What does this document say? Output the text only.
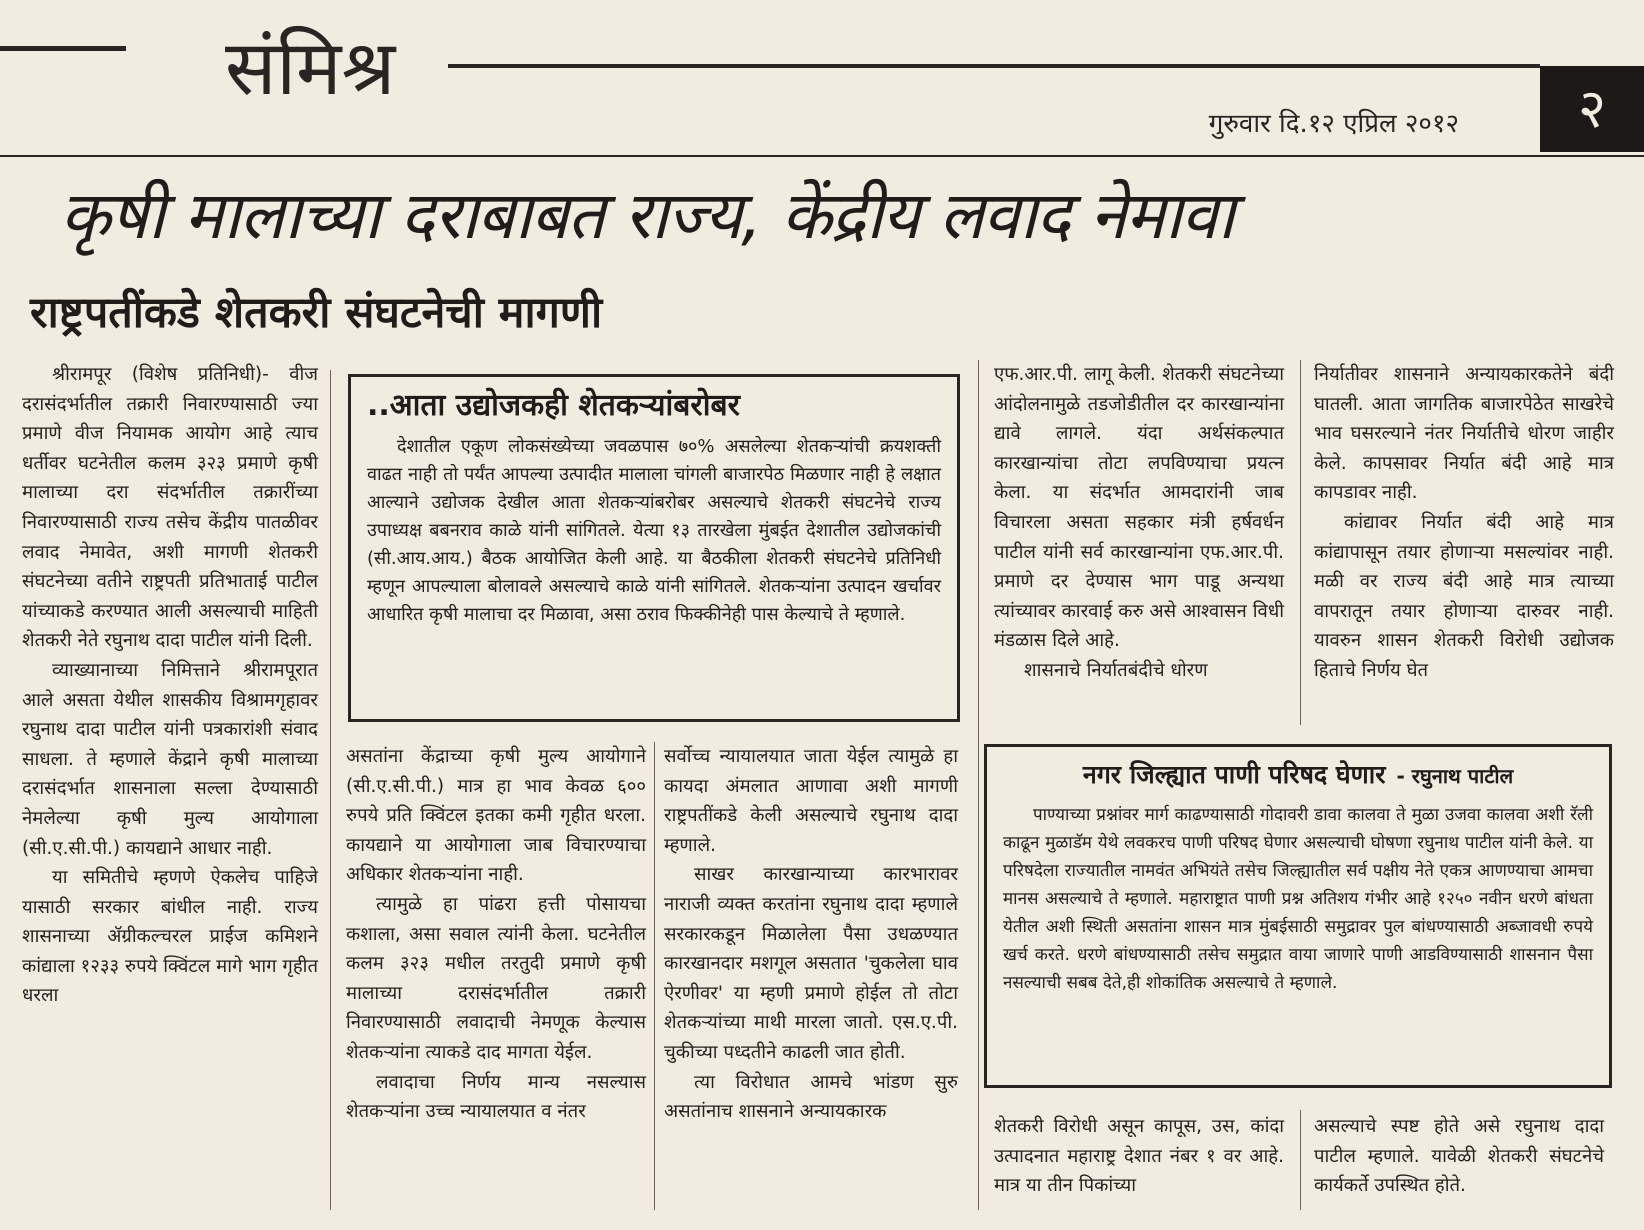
संमिश्र
गुरुवार दि.१२ एप्रिल २०१२	२
कृषी मालाच्या दराबाबत राज्य, केंद्रीय लवाद नेमावा
राष्ट्रपतींकडे शेतकरी संघटनेची मागणी

श्रीरामपूर (विशेष प्रतिनिधी)- वीज दरासंदर्भातील तक्रारी निवारण्यासाठी ज्या प्रमाणे वीज नियामक आयोग आहे त्याच धर्तीवर घटनेतील कलम ३२३ प्रमाणे कृषी मालाच्या दरा संदर्भातील तक्रारींच्या निवारण्यासाठी राज्य तसेच केंद्रीय पातळीवर लवाद नेमावेत, अशी मागणी शेतकरी संघटनेच्या वतीने राष्ट्रपती प्रतिभाताई पाटील यांच्याकडे करण्यात आली असल्याची माहिती शेतकरी नेते रघुनाथ दादा पाटील यांनी दिली.

व्याख्यानाच्या निमित्ताने श्रीरामपूरात आले असता येथील शासकीय विश्रामगृहावर रघुनाथ दादा पाटील यांनी पत्रकारांशी संवाद साधला. ते म्हणाले केंद्राने कृषी मालाच्या दरासंदर्भात शासनाला सल्ला देण्यासाठी नेमलेल्या कृषी मुल्य आयोगाला (सी.ए.सी.पी.) कायद्याने आधार नाही.

या समितीचे म्हणणे ऐकलेच पाहिजे यासाठी सरकार बांधील नाही. राज्य शासनाच्या ॲग्रीकल्चरल प्राईज कमिशने कांद्याला १२३३ रुपये क्विंटल मागे भाग गृहीत धरला

..आता उद्योजकही शेतकऱ्यांबरोबर

देशातील एकूण लोकसंख्येच्या जवळपास ७०% असलेल्या शेतकऱ्यांची क्रयशक्ती वाढत नाही तो पर्यंत आपल्या उत्पादीत मालाला चांगली बाजारपेठ मिळणार नाही हे लक्षात आल्याने उद्योजक देखील आता शेतकऱ्यांबरोबर असल्याचे शेतकरी संघटनेचे राज्य उपाध्यक्ष बबनराव काळे यांनी सांगितले. येत्या १३ तारखेला मुंबईत देशातील उद्योजकांची (सी.आय.आय.) बैठक आयोजित केली आहे. या बैठकीला शेतकरी संघटनेचे प्रतिनिधी म्हणून आपल्याला बोलावले असल्याचे काळे यांनी सांगितले. शेतकऱ्यांना उत्पादन खर्चावर आधारित कृषी मालाचा दर मिळावा, असा ठराव फिक्कीनेही पास केल्याचे ते म्हणाले.

असतांना केंद्राच्या कृषी मुल्य आयोगाने (सी.ए.सी.पी.) मात्र हा भाव केवळ ६०० रुपये प्रति क्विंटल इतका कमी गृहीत धरला. कायद्याने या आयोगाला जाब विचारण्याचा अधिकार शेतकऱ्यांना नाही.

त्यामुळे हा पांढरा हत्ती पोसायचा कशाला, असा सवाल त्यांनी केला. घटनेतील कलम ३२३ मधील तरतुदी प्रमाणे कृषी मालाच्या दरासंदर्भातील तक्रारी निवारण्यासाठी लवादाची नेमणूक केल्यास शेतकऱ्यांना त्याकडे दाद मागता येईल.

लवादाचा निर्णय मान्य नसल्यास शेतकऱ्यांना उच्च न्यायालयात व नंतर

सर्वोच्च न्यायालयात जाता येईल त्यामुळे हा कायदा अंमलात आणावा अशी मागणी राष्ट्रपतींकडे केली असल्याचे रघुनाथ दादा म्हणाले.

साखर कारखान्याच्या कारभारावर नाराजी व्यक्त करतांना रघुनाथ दादा म्हणाले सरकारकडून मिळालेला पैसा उधळण्यात कारखानदार मशगूल असतात 'चुकलेला घाव ऐरणीवर' या म्हणी प्रमाणे होईल तो तोटा शेतकऱ्यांच्या माथी मारला जातो. एस.ए.पी. चुकीच्या पध्दतीने काढली जात होती.

त्या विरोधात आमचे भांडण सुरु असतांनाच शासनाने अन्यायकारक

एफ.आर.पी. लागू केली. शेतकरी संघटनेच्या आंदोलनामुळे तडजोडीतील दर कारखान्यांना द्यावे लागले. यंदा अर्थसंकल्पात कारखान्यांचा तोटा लपविण्याचा प्रयत्न केला. या संदर्भात आमदारांनी जाब विचारला असता सहकार मंत्री हर्षवर्धन पाटील यांनी सर्व कारखान्यांना एफ.आर.पी. प्रमाणे दर देण्यास भाग पाडू अन्यथा त्यांच्यावर कारवाई करु असे आश्वासन विधी मंडळास दिले आहे.

शासनाचे निर्यातबंदीचे धोरण

निर्यातीवर शासनाने अन्यायकारकतेने बंदी घातली. आता जागतिक बाजारपेठेत साखरेचे भाव घसरल्याने नंतर निर्यातीचे धोरण जाहीर केले. कापसावर निर्यात बंदी आहे मात्र कापडावर नाही.

कांद्यावर निर्यात बंदी आहे मात्र कांद्यापासून तयार होणाऱ्या मसल्यांवर नाही. मळी वर राज्य बंदी आहे मात्र त्याच्या वापरातून तयार होणाऱ्या दारुवर नाही. यावरुन शासन शेतकरी विरोधी उद्योजक हिताचे निर्णय घेत

नगर जिल्ह्यात पाणी परिषद घेणार - रघुनाथ पाटील

पाण्याच्या प्रश्नांवर मार्ग काढण्यासाठी गोदावरी डावा कालवा ते मुळा उजवा कालवा अशी रॅली काढून मुळाडॅम येथे लवकरच पाणी परिषद घेणार असल्याची घोषणा रघुनाथ पाटील यांनी केले. या परिषदेला राज्यातील नामवंत अभियंते तसेच जिल्ह्यातील सर्व पक्षीय नेते एकत्र आणण्याचा आमचा मानस असल्याचे ते म्हणाले. महाराष्ट्रात पाणी प्रश्न अतिशय गंभीर आहे १२५० नवीन धरणे बांधता येतील अशी स्थिती असतांना शासन मात्र मुंबईसाठी समुद्रावर पुल बांधण्यासाठी अब्जावधी रुपये खर्च करते. धरणे बांधण्यासाठी तसेच समुद्रात वाया जाणारे पाणी आडविण्यासाठी शासनान पैसा नसल्याची सबब देते,ही शोकांतिक असल्याचे ते म्हणाले.

शेतकरी विरोधी असून कापूस, उस, कांदा उत्पादनात महाराष्ट्र देशात नंबर १ वर आहे. मात्र या तीन पिकांच्या

असल्याचे स्पष्ट होते असे रघुनाथ दादा पाटील म्हणाले. यावेळी शेतकरी संघटनेचे कार्यकर्ते उपस्थित होते.
